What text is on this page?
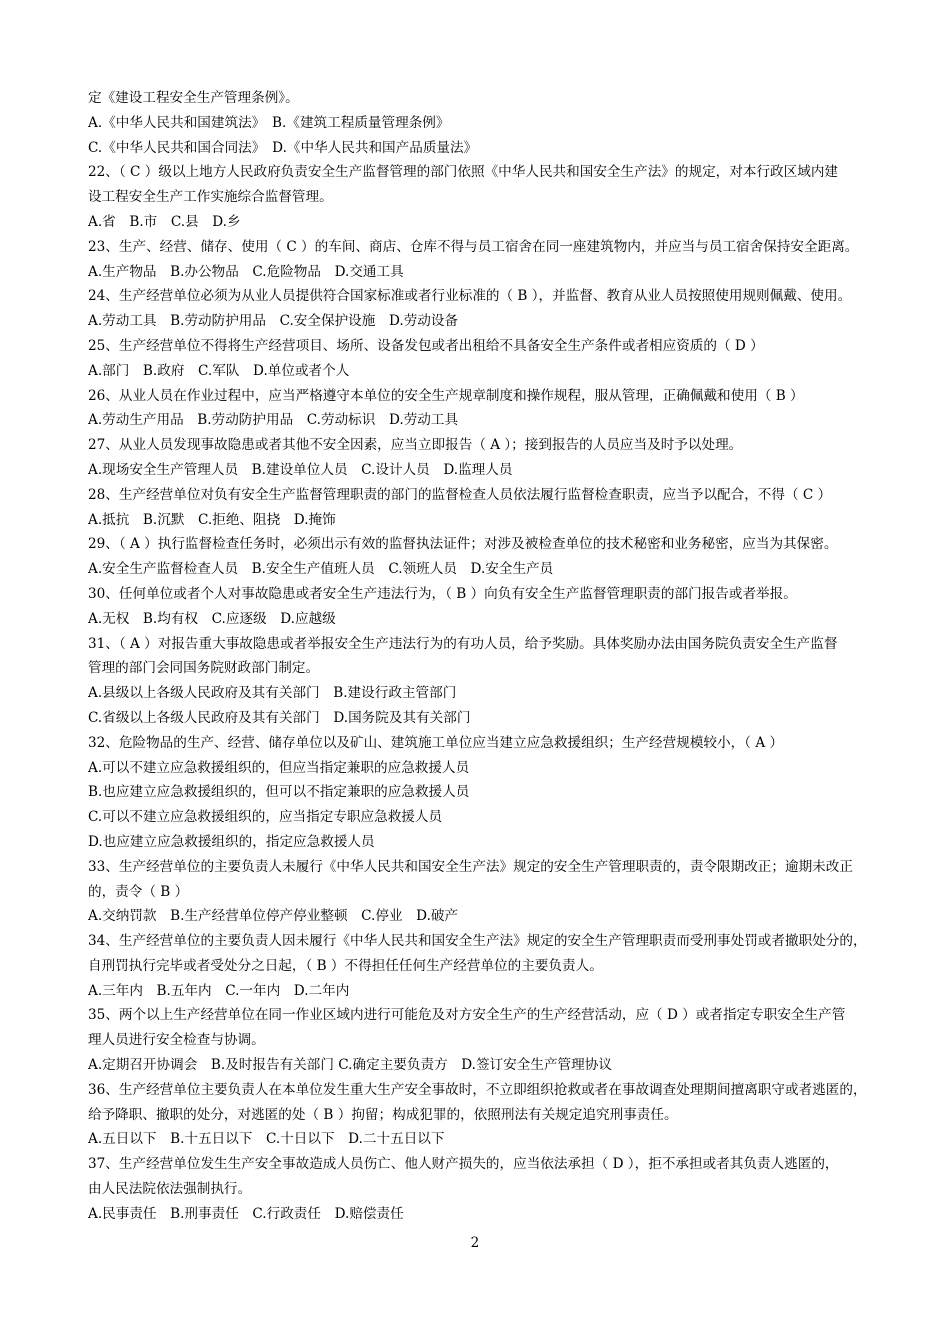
定《建设工程安全生产管理条例》。
A.《中华人民共和国建筑法》　B.《建筑工程质量管理条例》
C.《中华人民共和国合同法》　D.《中华人民共和国产品质量法》
22、（ C ）级以上地方人民政府负责安全生产监督管理的部门依照《中华人民共和国安全生产法》的规定，对本行政区域内建
设工程安全生产工作实施综合监督管理。
A.省　B.市　C.县　D.乡
23、生产、经营、储存、使用（ C ）的车间、商店、仓库不得与员工宿舍在同一座建筑物内，并应当与员工宿舍保持安全距离。
A.生产物品　B.办公物品　C.危险物品　D.交通工具
24、生产经营单位必须为从业人员提供符合国家标准或者行业标准的（ B ），并监督、教育从业人员按照使用规则佩戴、使用。
A.劳动工具　B.劳动防护用品　C.安全保护设施　D.劳动设备
25、生产经营单位不得将生产经营项目、场所、设备发包或者出租给不具备安全生产条件或者相应资质的（ D ）
A.部门　B.政府　C.军队　D.单位或者个人
26、从业人员在作业过程中，应当严格遵守本单位的安全生产规章制度和操作规程，服从管理，正确佩戴和使用（ B ）
A.劳动生产用品　B.劳动防护用品　C.劳动标识　D.劳动工具
27、从业人员发现事故隐患或者其他不安全因素，应当立即报告（ A ）；接到报告的人员应当及时予以处理。
A.现场安全生产管理人员　B.建设单位人员　C.设计人员　D.监理人员
28、生产经营单位对负有安全生产监督管理职责的部门的监督检查人员依法履行监督检查职责，应当予以配合，不得（ C ）
A.抵抗　B.沉默　C.拒绝、阻挠　D.掩饰
29、（ A ）执行监督检查任务时，必须出示有效的监督执法证件；对涉及被检查单位的技术秘密和业务秘密，应当为其保密。
A.安全生产监督检查人员　B.安全生产值班人员　C.领班人员　D.安全生产员
30、任何单位或者个人对事故隐患或者安全生产违法行为，（ B ）向负有安全生产监督管理职责的部门报告或者举报。
A.无权　B.均有权　C.应逐级　D.应越级
31、（ A ）对报告重大事故隐患或者举报安全生产违法行为的有功人员，给予奖励。具体奖励办法由国务院负责安全生产监督
管理的部门会同国务院财政部门制定。
A.县级以上各级人民政府及其有关部门　B.建设行政主管部门
C.省级以上各级人民政府及其有关部门　D.国务院及其有关部门
32、危险物品的生产、经营、储存单位以及矿山、建筑施工单位应当建立应急救援组织；生产经营规模较小，（ A ）
A.可以不建立应急救援组织的，但应当指定兼职的应急救援人员
B.也应建立应急救援组织的，但可以不指定兼职的应急救援人员
C.可以不建立应急救援组织的，应当指定专职应急救援人员
D.也应建立应急救援组织的，指定应急救援人员
33、生产经营单位的主要负责人未履行《中华人民共和国安全生产法》规定的安全生产管理职责的，责令限期改正；逾期未改正
的，责令（ B ）
A.交纳罚款　B.生产经营单位停产停业整顿　C.停业　D.破产
34、生产经营单位的主要负责人因未履行《中华人民共和国安全生产法》规定的安全生产管理职责而受刑事处罚或者撤职处分的，
自刑罚执行完毕或者受处分之日起，（ B ）不得担任任何生产经营单位的主要负责人。
A.三年内　B.五年内　C.一年内　D.二年内
35、两个以上生产经营单位在同一作业区域内进行可能危及对方安全生产的生产经营活动，应（ D ）或者指定专职安全生产管
理人员进行安全检查与协调。
A.定期召开协调会　B.及时报告有关部门 C.确定主要负责方　D.签订安全生产管理协议
36、生产经营单位主要负责人在本单位发生重大生产安全事故时，不立即组织抢救或者在事故调查处理期间擅离职守或者逃匿的，
给予降职、撤职的处分，对逃匿的处（ B ）拘留；构成犯罪的，依照刑法有关规定追究刑事责任。
A.五日以下　B.十五日以下　C.十日以下　D.二十五日以下
37、生产经营单位发生生产安全事故造成人员伤亡、他人财产损失的，应当依法承担（ D ），拒不承担或者其负责人逃匿的，
由人民法院依法强制执行。
A.民事责任　B.刑事责任　C.行政责任　D.赔偿责任
2
